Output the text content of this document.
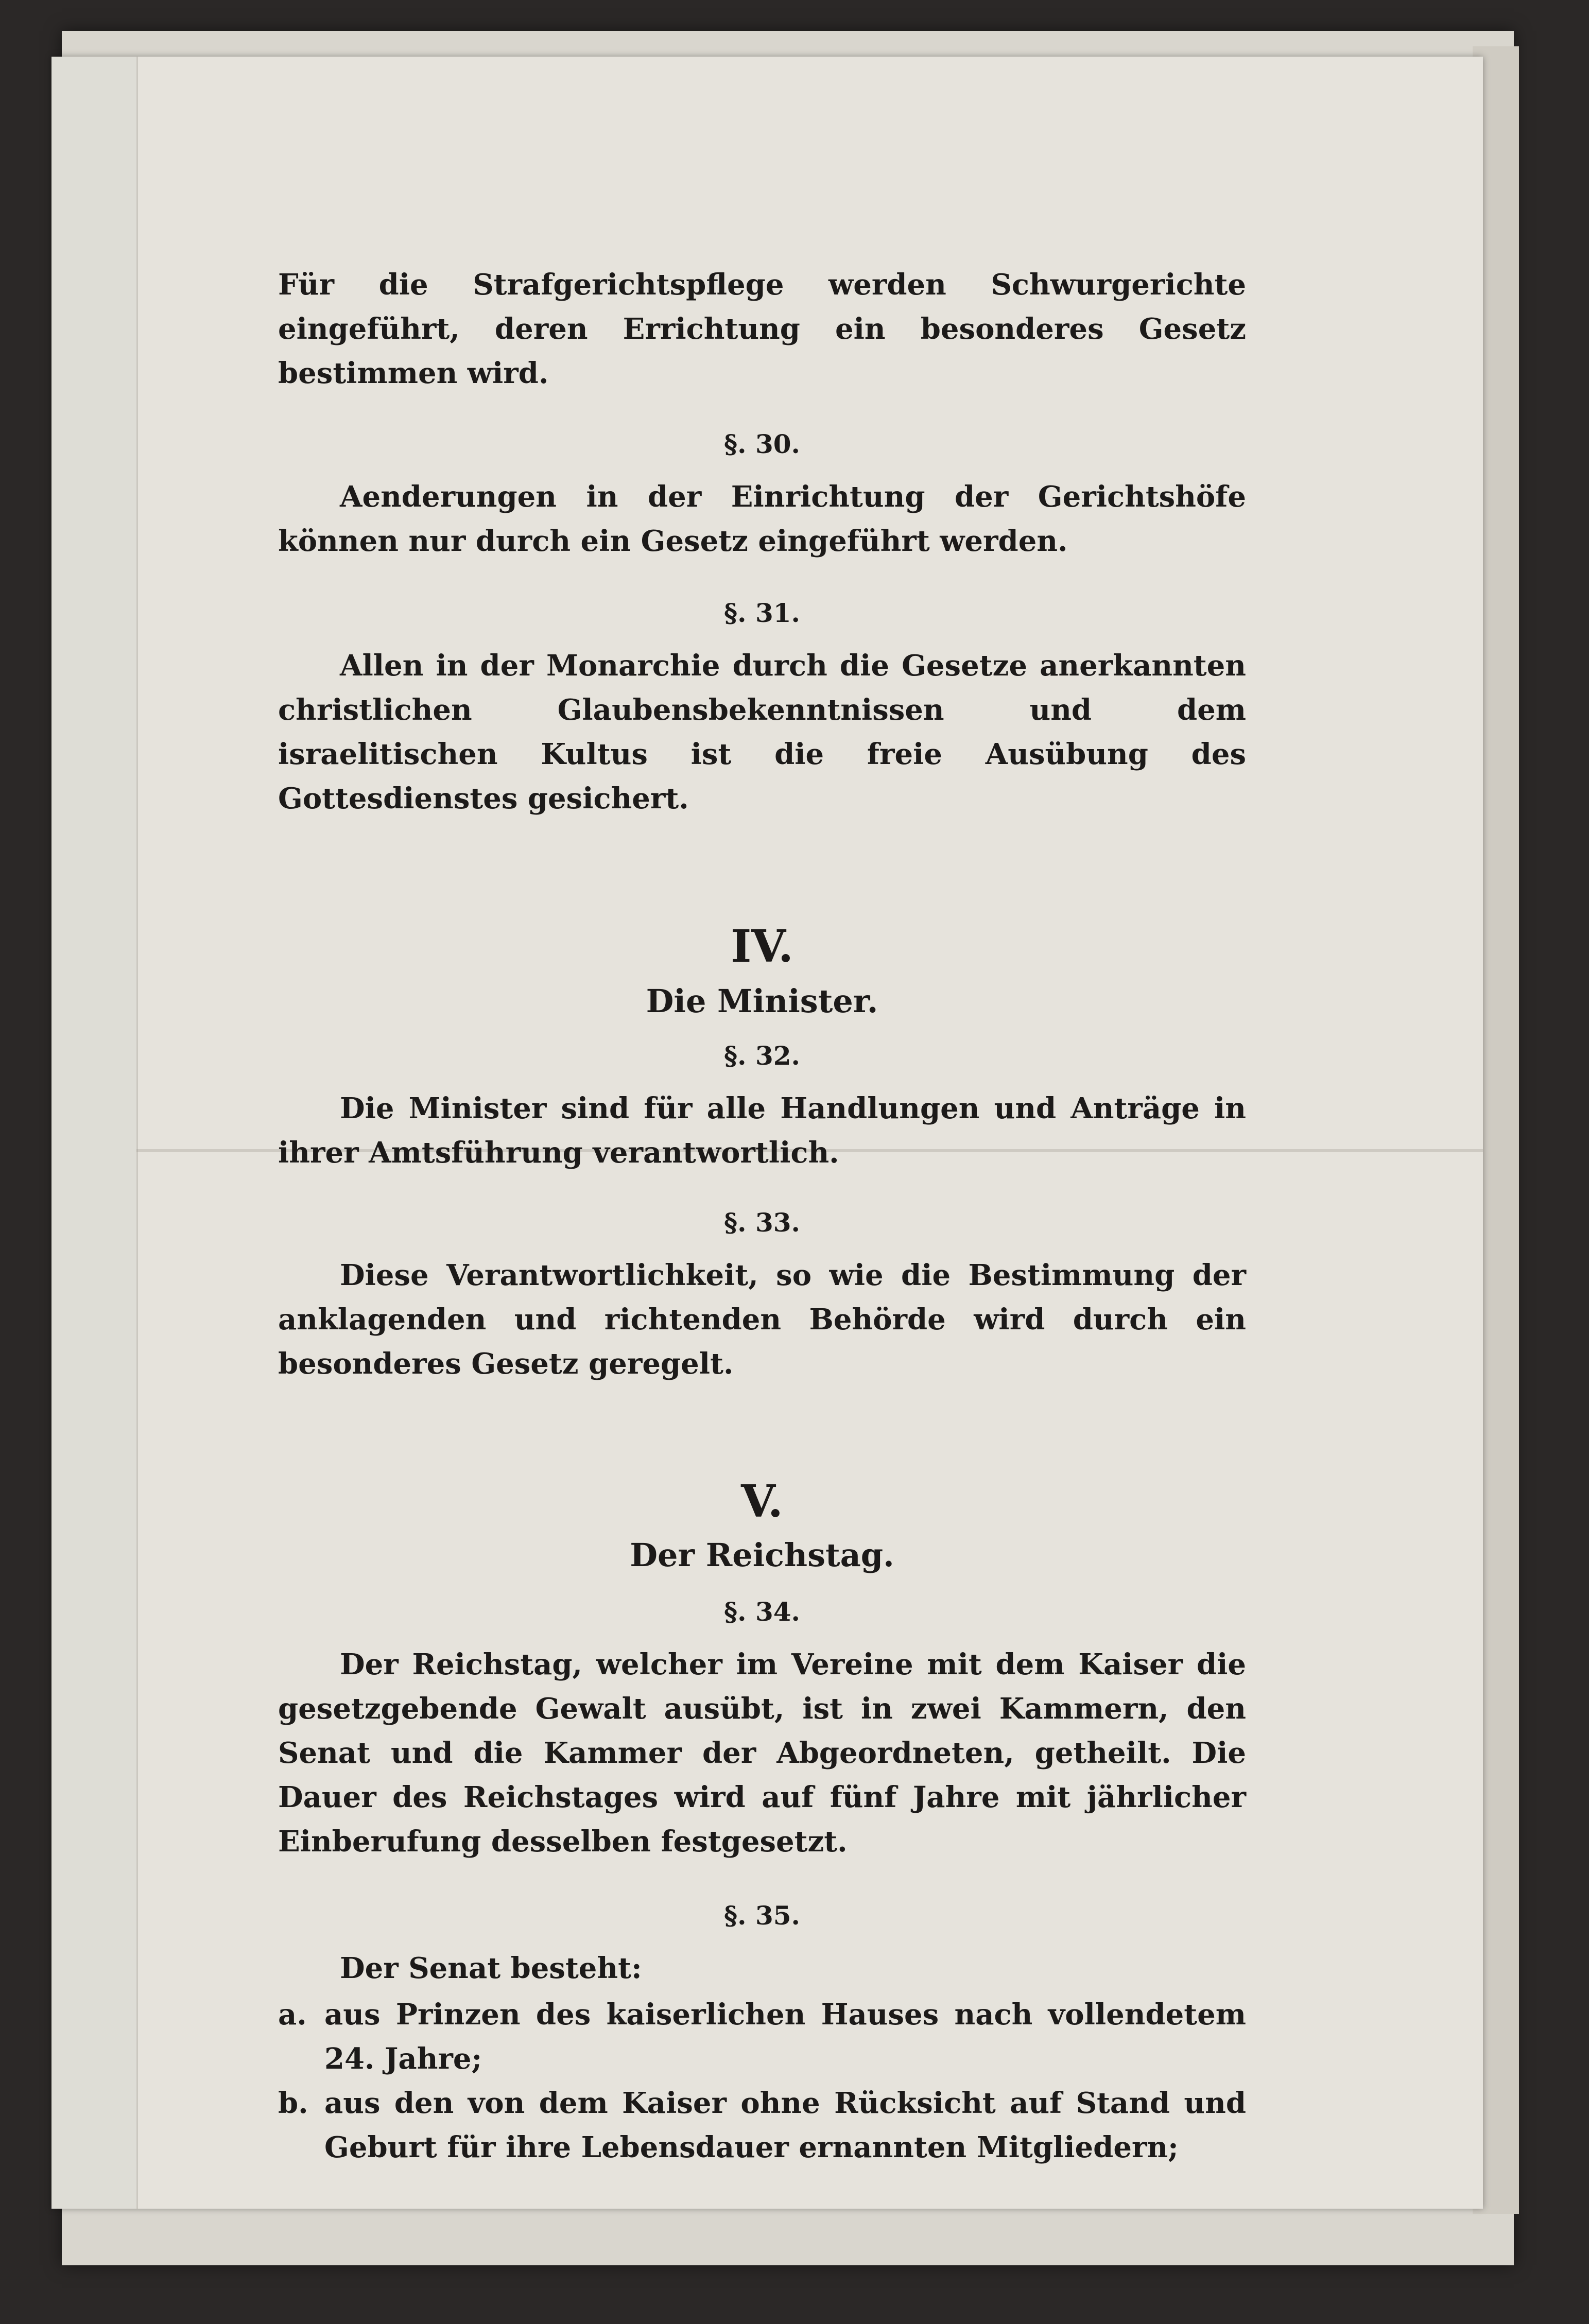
Für die Strafgerichtspflege werden Schwurgerichte eingeführt, deren Errichtung ein besonderes Gesetz bestimmen wird.

§. 30.

Aenderungen in der Einrichtung der Gerichtshöfe können nur durch ein Gesetz eingeführt werden.

§. 31.

Allen in der Monarchie durch die Gesetze anerkannten christlichen Glaubensbekenntnissen und dem israelitischen Kultus ist die freie Ausübung des Gottesdienstes gesichert.

IV.

Die Minister.

§. 32.

Die Minister sind für alle Handlungen und Anträge in ihrer Amtsführung verantwortlich.

§. 33.

Diese Verantwortlichkeit, so wie die Bestimmung der anklagenden und richtenden Behörde wird durch ein besonderes Gesetz geregelt.

V.

Der Reichstag.

§. 34.

Der Reichstag, welcher im Vereine mit dem Kaiser die gesetzgebende Gewalt ausübt, ist in zwei Kammern, den Senat und die Kammer der Abgeordneten, getheilt. Die Dauer des Reichstages wird auf fünf Jahre mit jährlicher Einberufung desselben festgesetzt.

§. 35.

Der Senat besteht:

a. aus Prinzen des kaiserlichen Hauses nach vollendetem 24. Jahre;
b. aus den von dem Kaiser ohne Rücksicht auf Stand und Geburt für ihre Lebensdauer ernannten Mitgliedern;
